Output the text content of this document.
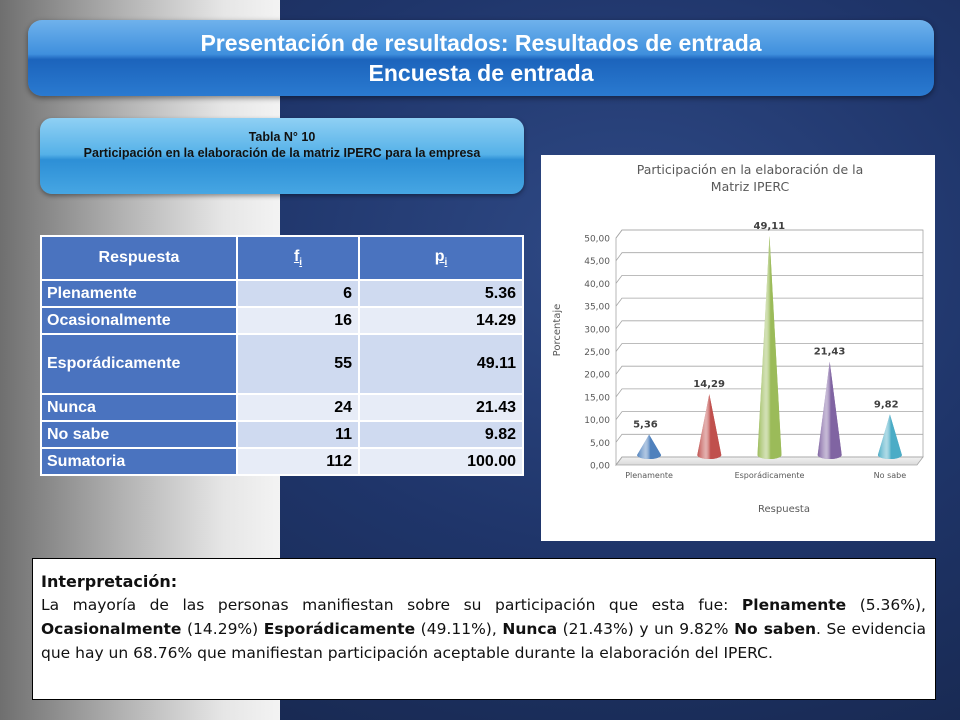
Presentación de resultados: Resultados de entrada
Encuesta de entrada
Tabla N° 10
Participación en la elaboración de la matriz IPERC para la empresa
Respuesta	$f_i$	$p_i$
Plenamente	6	5.36
Ocasionalmente	16	14.29
Esporádicamente	55	49.11
Nunca	24	21.43
No sabe	11	9.82
Sumatoria	112	100.00
Participación en la elaboración de la
Matriz IPERC
0,00
5,00
10,00
15,00
20,00
25,00
30,00
35,00
40,00
45,00
50,00
5,36
14,29
49,11
21,43
9,82
Plenamente	Esporádicamente	No sabe
Porcentaje
Respuesta
Interpretación:
La mayoría de las personas manifiestan sobre su participación que esta fue: Plenamente (5.36%), Ocasionalmente (14.29%) Esporádicamente (49.11%), Nunca (21.43%) y un 9.82% No saben. Se evidencia que hay un 68.76% que manifiestan participación aceptable durante la elaboración del IPERC.
